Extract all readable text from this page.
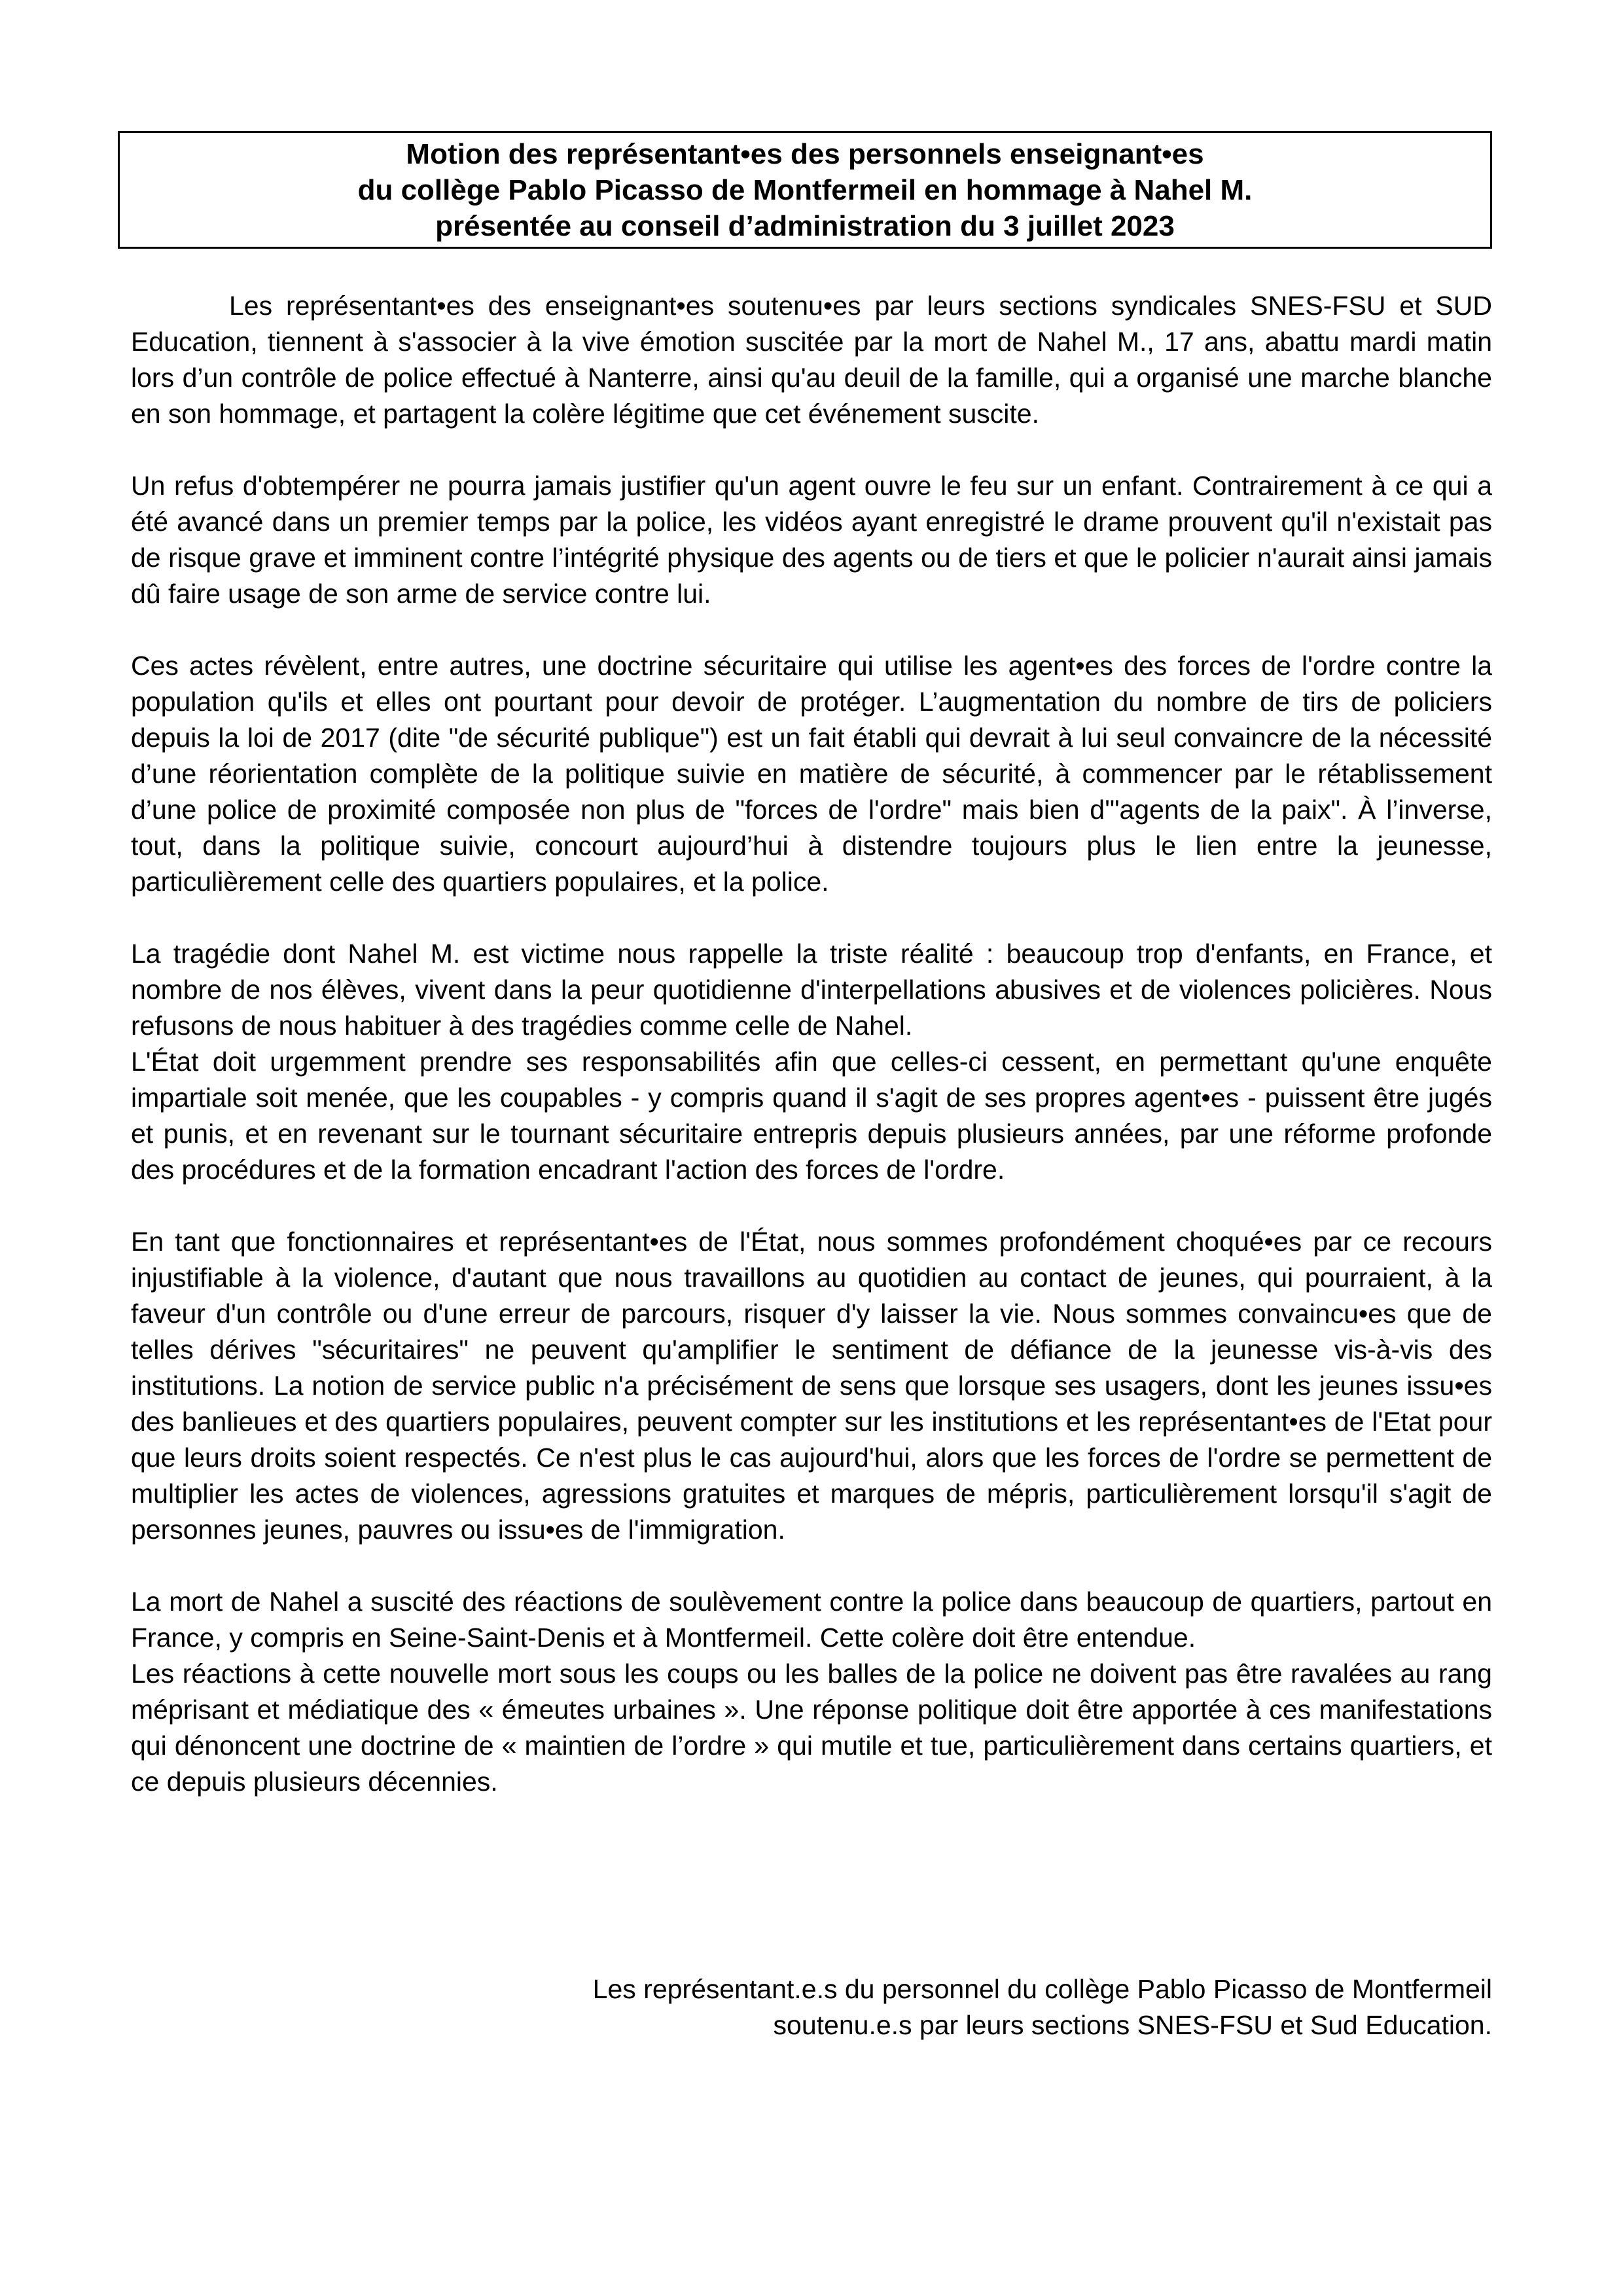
Motion des représentant•es des personnels enseignant•es
du collège Pablo Picasso de Montfermeil en hommage à Nahel M.
présentée au conseil d’administration du 3 juillet 2023

Les représentant•es des enseignant•es soutenu•es par leurs sections syndicales SNES-FSU et SUD Education, tiennent à s'associer à la vive émotion suscitée par la mort de Nahel M., 17 ans, abattu mardi matin lors d’un contrôle de police effectué à Nanterre, ainsi qu'au deuil de la famille, qui a organisé une marche blanche en son hommage, et partagent la colère légitime que cet événement suscite.

Un refus d'obtempérer ne pourra jamais justifier qu'un agent ouvre le feu sur un enfant. Contrairement à ce qui a été avancé dans un premier temps par la police, les vidéos ayant enregistré le drame prouvent qu'il n'existait pas de risque grave et imminent contre l’intégrité physique des agents ou de tiers et que le policier n'aurait ainsi jamais dû faire usage de son arme de service contre lui.

Ces actes révèlent, entre autres, une doctrine sécuritaire qui utilise les agent•es des forces de l'ordre contre la population qu'ils et elles ont pourtant pour devoir de protéger. L’augmentation du nombre de tirs de policiers depuis la loi de 2017 (dite "de sécurité publique") est un fait établi qui devrait à lui seul convaincre de la nécessité d’une réorientation complète de la politique suivie en matière de sécurité, à commencer par le rétablissement d’une police de proximité composée non plus de "forces de l'ordre" mais bien d'"agents de la paix". À l’inverse, tout, dans la politique suivie, concourt aujourd’hui à distendre toujours plus le lien entre la jeunesse, particulièrement celle des quartiers populaires, et la police.

La tragédie dont Nahel M. est victime nous rappelle la triste réalité : beaucoup trop d'enfants, en France, et nombre de nos élèves, vivent dans la peur quotidienne d'interpellations abusives et de violences policières. Nous refusons de nous habituer à des tragédies comme celle de Nahel.

L'État doit urgemment prendre ses responsabilités afin que celles-ci cessent, en permettant qu'une enquête impartiale soit menée, que les coupables - y compris quand il s'agit de ses propres agent•es - puissent être jugés et punis, et en revenant sur le tournant sécuritaire entrepris depuis plusieurs années, par une réforme profonde des procédures et de la formation encadrant l'action des forces de l'ordre.

En tant que fonctionnaires et représentant•es de l'État, nous sommes profondément choqué•es par ce recours injustifiable à la violence, d'autant que nous travaillons au quotidien au contact de jeunes, qui pourraient, à la faveur d'un contrôle ou d'une erreur de parcours, risquer d'y laisser la vie. Nous sommes convaincu•es que de telles dérives "sécuritaires" ne peuvent qu'amplifier le sentiment de défiance de la jeunesse vis-à-vis des institutions. La notion de service public n'a précisément de sens que lorsque ses usagers, dont les jeunes issu•es des banlieues et des quartiers populaires, peuvent compter sur les institutions et les représentant•es de l'Etat pour que leurs droits soient respectés. Ce n'est plus le cas aujourd'hui, alors que les forces de l'ordre se permettent de multiplier les actes de violences, agressions gratuites et marques de mépris, particulièrement lorsqu'il s'agit de personnes jeunes, pauvres ou issu•es de l'immigration.

La mort de Nahel a suscité des réactions de soulèvement contre la police dans beaucoup de quartiers, partout en France, y compris en Seine-Saint-Denis et à Montfermeil. Cette colère doit être entendue.

Les réactions à cette nouvelle mort sous les coups ou les balles de la police ne doivent pas être ravalées au rang méprisant et médiatique des « émeutes urbaines ». Une réponse politique doit être apportée à ces manifestations qui dénoncent une doctrine de « maintien de l’ordre » qui mutile et tue, particulièrement dans certains quartiers, et ce depuis plusieurs décennies.

Les représentant.e.s du personnel du collège Pablo Picasso de Montfermeil
soutenu.e.s par leurs sections SNES-FSU et Sud Education.
